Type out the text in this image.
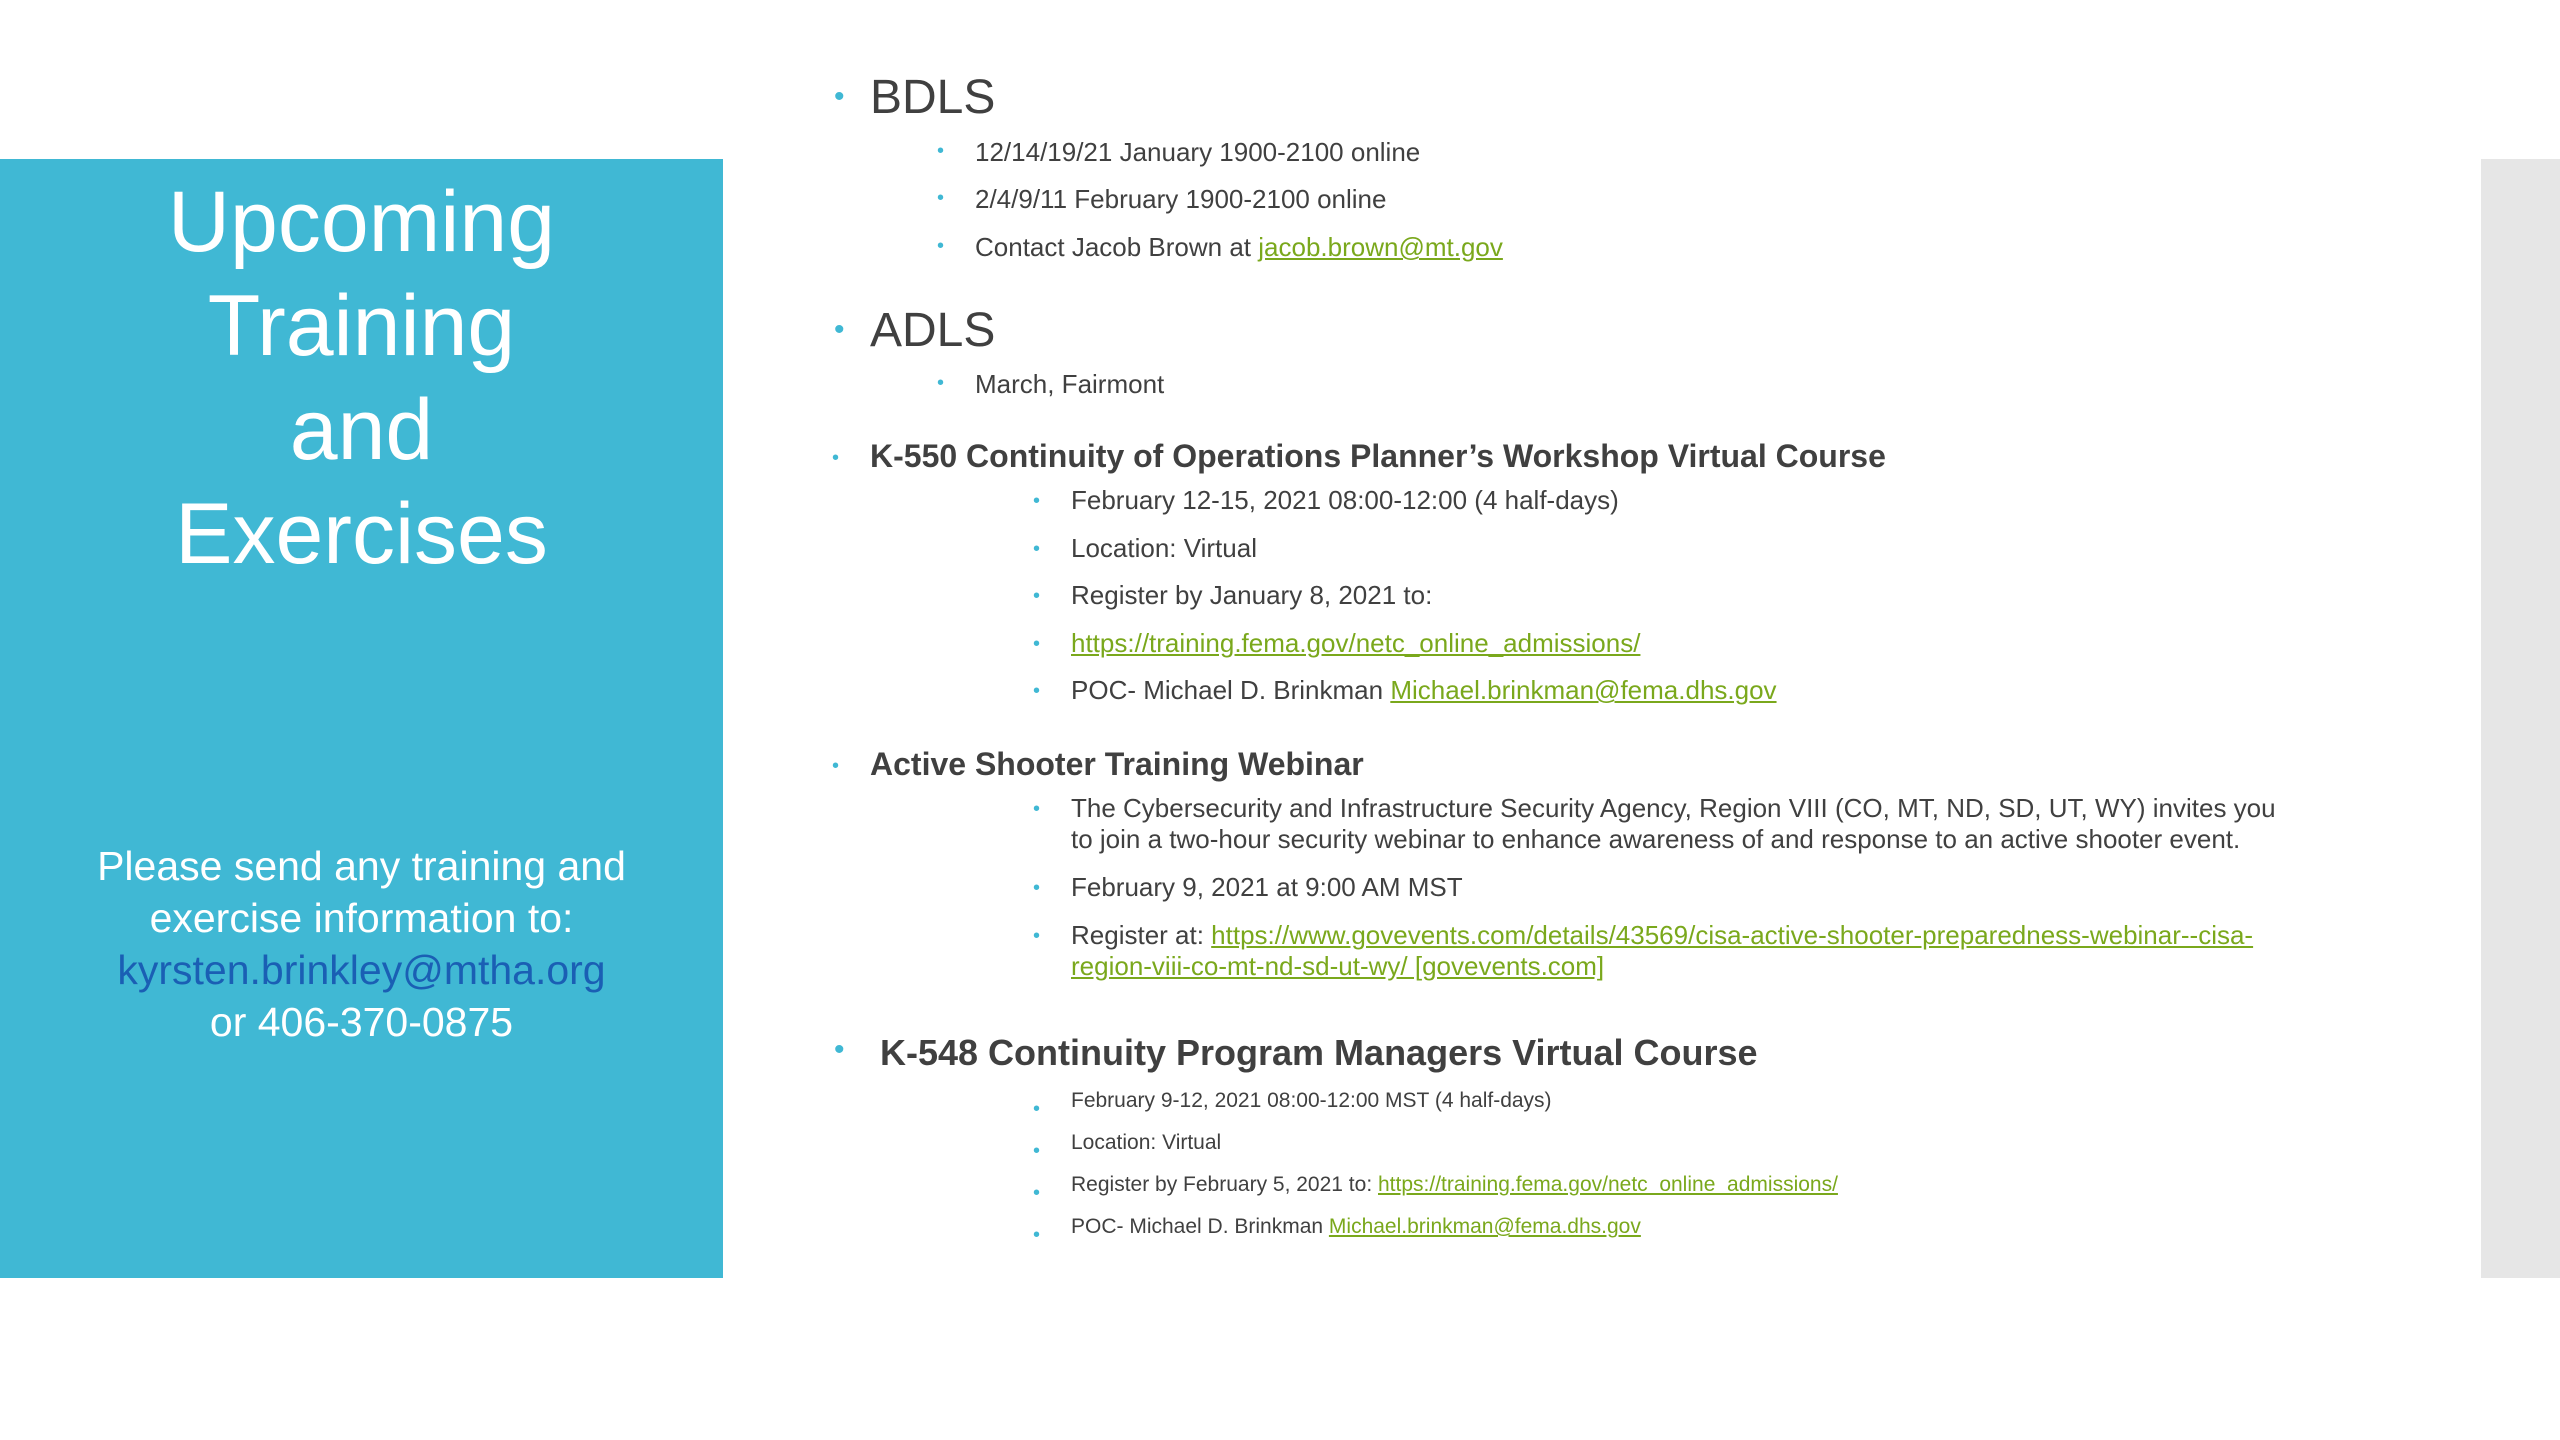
Upcoming
Training
and
Exercises
Please send any training and
exercise information to:
kyrsten.brinkley@mtha.org
or 406-370-0875
• BDLS
• 12/14/19/21 January 1900-2100 online
• 2/4/9/11 February 1900-2100 online
• Contact Jacob Brown at jacob.brown@mt.gov
• ADLS
• March, Fairmont
• K-550 Continuity of Operations Planner’s Workshop Virtual Course
• February 12-15, 2021 08:00-12:00 (4 half-days)
• Location: Virtual
• Register by January 8, 2021 to:
• https://training.fema.gov/netc_online_admissions/
• POC- Michael D. Brinkman Michael.brinkman@fema.dhs.gov
• Active Shooter Training Webinar
• The Cybersecurity and Infrastructure Security Agency, Region VIII (CO, MT, ND, SD, UT, WY) invites you
to join a two-hour security webinar to enhance awareness of and response to an active shooter event.
• February 9, 2021 at 9:00 AM MST
• Register at: https://www.govevents.com/details/43569/cisa-active-shooter-preparedness-webinar--cisa-
region-viii-co-mt-nd-sd-ut-wy/ [govevents.com]
• K-548 Continuity Program Managers Virtual Course
• February 9-12, 2021 08:00-12:00 MST (4 half-days)
• Location: Virtual
• Register by February 5, 2021 to: https://training.fema.gov/netc_online_admissions/
• POC- Michael D. Brinkman Michael.brinkman@fema.dhs.gov
